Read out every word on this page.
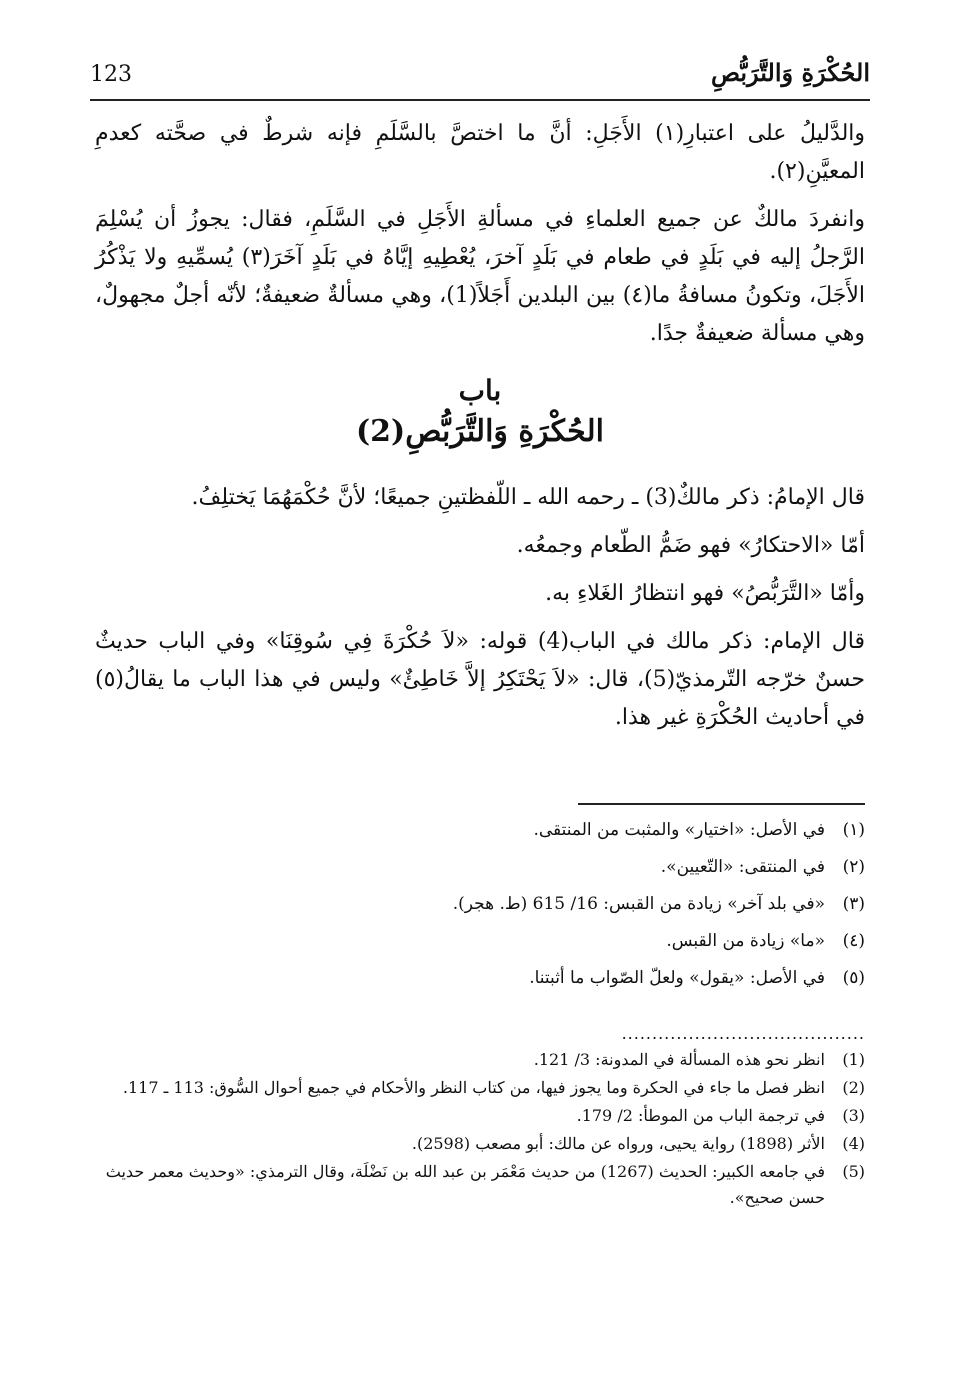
123	الحُكْرَةِ وَالتَّرَبُّصِ

والدَّليلُ على اعتبارِ(١) الأَجَلِ: أنَّ ما اختصَّ بالسَّلَمِ فإنه شرطٌ في صحَّته كعدمِ المعيَّنِ(٢).

وانفردَ مالكٌ عن جميع العلماءِ في مسألةِ الأَجَلِ في السَّلَمِ، فقال: يجوزُ أن يُسْلِمَ الرَّجلُ إليه في بَلَدٍ في طعام في بَلَدٍ آخرَ، يُعْطِيهِ إيَّاهُ في بَلَدٍ آخَرَ(٣) يُسمِّيهِ ولا يَذْكُرُ الأَجَلَ، وتكونُ مسافةُ ما(٤) بين البلدين أَجَلاً(1)، وهي مسألةٌ ضعيفةٌ؛ لأنّه أجلٌ مجهولٌ، وهي مسألة ضعيفةٌ جدًا.

باب
الحُكْرَةِ وَالتَّرَبُّصِ(2)

قال الإمامُ: ذكر مالكٌ(3) ـ رحمه الله ـ اللّفظتينِ جميعًا؛ لأنَّ حُكْمَهُمَا يَختلِفُ.

أمّا «الاحتكارُ» فهو ضَمُّ الطّعام وجمعُه.

وأمّا «التَّرَبُّصُ» فهو انتظارُ الغَلاءِ به.

قال الإمام: ذكر مالك في الباب(4) قوله: «لاَ حُكْرَةَ فِي سُوقِنَا» وفي الباب حديثٌ حسنٌ خرّجه التّرمذيّ(5)، قال: «لاَ يَحْتَكِرُ إلاَّ خَاطِئٌ» وليس في هذا الباب ما يقالُ(٥) في أحاديث الحُكْرَةِ غير هذا.

(١)
في الأصل: «اختيار» والمثبت من المنتقى.
(٢)
في المنتقى: «التّعيين».
(٣)
«في بلد آخر» زيادة من القبس: 16/ 615 (ط. هجر).
(٤)
«ما» زيادة من القبس.
(٥)
في الأصل: «يقول» ولعلّ الصّواب ما أثبتنا.
........................................
(1)
انظر نحو هذه المسألة في المدونة: 3/ 121.
(2)
انظر فصل ما جاء في الحكرة وما يجوز فيها، من كتاب النظر والأحكام في جميع أحوال السُّوق: 113 ـ 117.
(3)
في ترجمة الباب من الموطأ: 2/ 179.
(4)
الأثر (1898) رواية يحيى، ورواه عن مالك: أبو مصعب (2598).
(5)
في جامعه الكبير: الحديث (1267) من حديث مَعْمَر بن عبد الله بن نَضْلَة، وقال الترمذي: «وحديث معمر حديث حسن صحيح».
